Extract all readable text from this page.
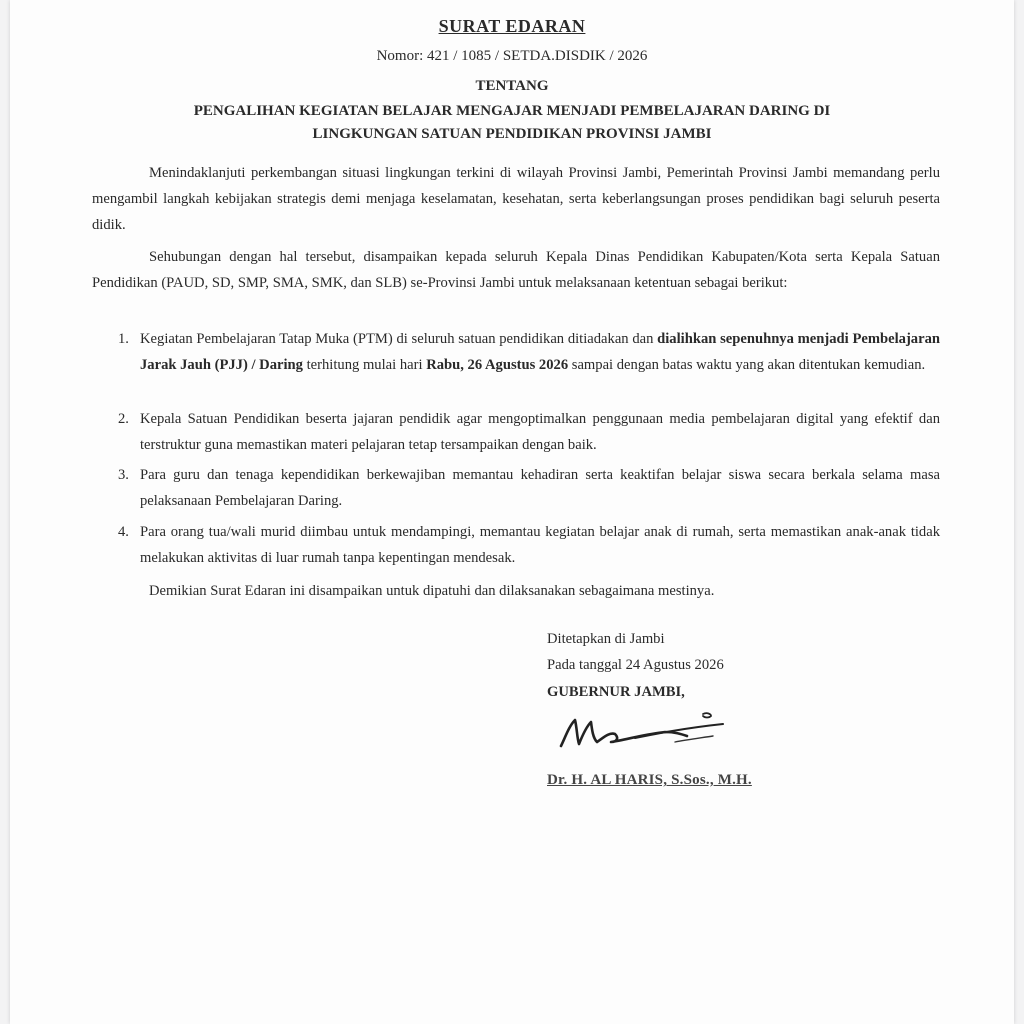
SURAT EDARAN
Nomor: 421 / 1085 / SETDA.DISDIK / 2026
TENTANG
PENGALIHAN KEGIATAN BELAJAR MENGAJAR MENJADI PEMBELAJARAN DARING DI
LINGKUNGAN SATUAN PENDIDIKAN PROVINSI JAMBI

Menindaklanjuti perkembangan situasi lingkungan terkini di wilayah Provinsi Jambi, Pemerintah Provinsi Jambi memandang perlu mengambil langkah kebijakan strategis demi menjaga keselamatan, kesehatan, serta keberlangsungan proses pendidikan bagi seluruh peserta didik.

Sehubungan dengan hal tersebut, disampaikan kepada seluruh Kepala Dinas Pendidikan Kabupaten/Kota serta Kepala Satuan Pendidikan (PAUD, SD, SMP, SMA, SMK, dan SLB) se-Provinsi Jambi untuk melaksanaan ketentuan sebagai berikut:

1. Kegiatan Pembelajaran Tatap Muka (PTM) di seluruh satuan pendidikan ditiadakan dan dialihkan sepenuhnya menjadi Pembelajaran Jarak Jauh (PJJ) / Daring terhitung mulai hari Rabu, 26 Agustus 2026 sampai dengan batas waktu yang akan ditentukan kemudian.
2. Kepala Satuan Pendidikan beserta jajaran pendidik agar mengoptimalkan penggunaan media pembelajaran digital yang efektif dan terstruktur guna memastikan materi pelajaran tetap tersampaikan dengan baik.
3. Para guru dan tenaga kependidikan berkewajiban memantau kehadiran serta keaktifan belajar siswa secara berkala selama masa pelaksanaan Pembelajaran Daring.
4. Para orang tua/wali murid diimbau untuk mendampingi, memantau kegiatan belajar anak di rumah, serta memastikan anak-anak tidak melakukan aktivitas di luar rumah tanpa kepentingan mendesak.
Demikian Surat Edaran ini disampaikan untuk dipatuhi dan dilaksanakan sebagaimana mestinya.
Ditetapkan di Jambi
Pada tanggal 24 Agustus 2026
GUBERNUR JAMBI,
Dr. H. AL HARIS, S.Sos., M.H.
